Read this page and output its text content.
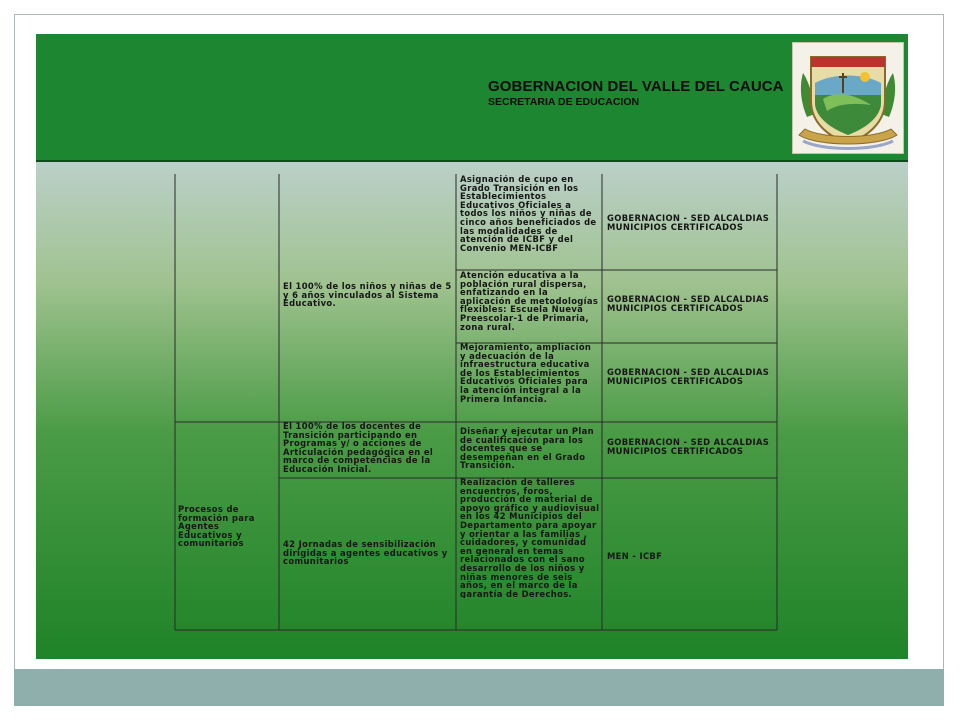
GOBERNACION DEL VALLE DEL CAUCA
SECRETARIA DE EDUCACION
El 100% de los niños y niñas de 5 y 6 años vinculados al Sistema Educativo.
Asignación de cupo en Grado Transición en los Establecimientos Educativos Oficiales a todos los niños y niñas de cinco años beneficiados de las modalidades de atención de ICBF y del Convenio MEN-ICBF
GOBERNACION - SED ALCALDIAS MUNICIPIOS CERTIFICADOS
Atención educativa a la población rural dispersa, enfatizando en la aplicación de metodologías flexibles: Escuela Nueva Preescolar-1 de Primaria, zona rural.
GOBERNACION - SED ALCALDIAS MUNICIPIOS CERTIFICADOS
Mejoramiento, ampliación y adecuación de la infraestructura educativa de los Establecimientos Educativos Oficiales para la atención integral a la Primera Infancia.
GOBERNACION - SED ALCALDIAS MUNICIPIOS CERTIFICADOS
Procesos de formación para Agentes Educativos y comunitarios
El 100% de los docentes de Transición participando en Programas y/ o acciones de Articulación pedagógica en el marco de competencias de la Educación Inicial.
Diseñar y ejecutar un Plan de cualificación para los docentes que se desempeñan en el Grado Transición.
GOBERNACION - SED ALCALDIAS MUNICIPIOS CERTIFICADOS
42 Jornadas de sensibilización dirigidas a agentes educativos y comunitarios
Realización de talleres encuentros, foros, producción de material de apoyo gráfico y audiovisual en los 42 Municipios del Departamento para apoyar y orientar a las familias , cuidadores, y comunidad en general en temas relacionados con el sano desarrollo de los niños y niñas menores de seis años, en el marco de la garantía de Derechos.
MEN - ICBF
